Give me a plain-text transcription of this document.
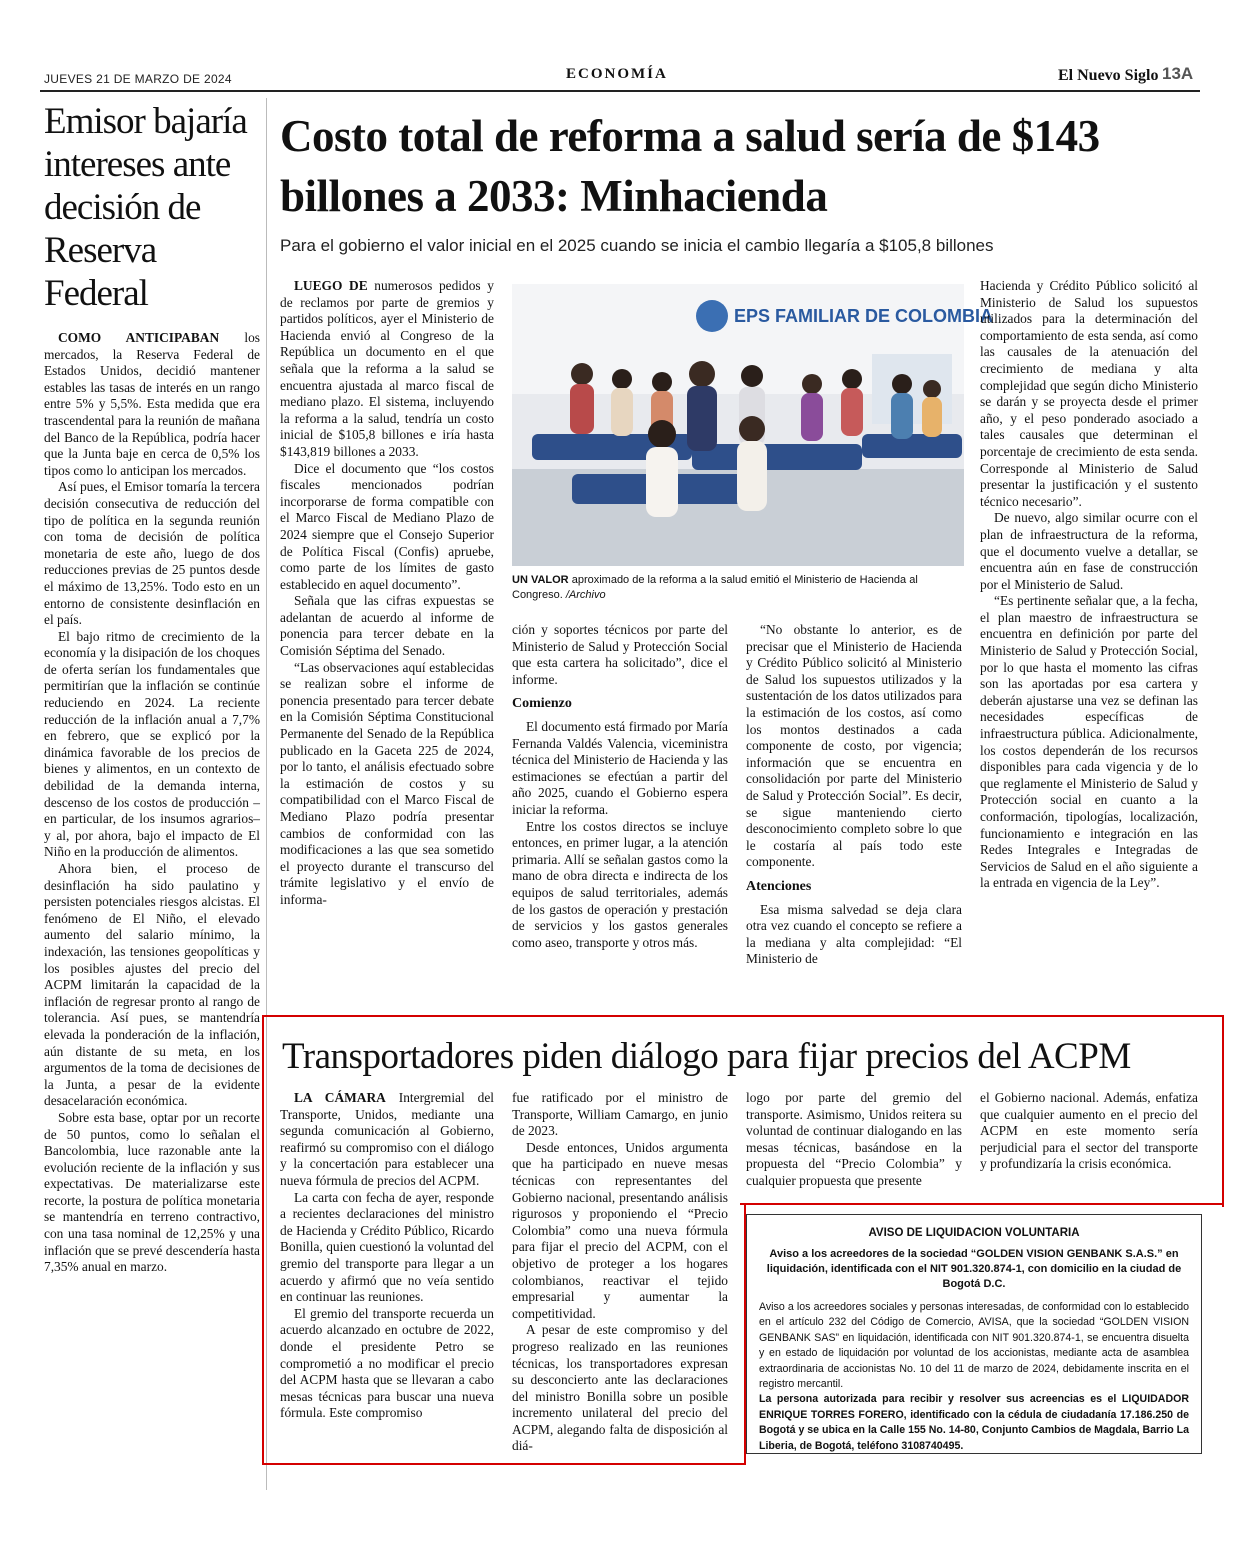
JUEVES 21 DE MARZO DE 2024	ECONOMÍA	El Nuevo Siglo 13A
Emisor bajaría intereses ante decisión de Reserva Federal

COMO ANTICIPABAN los mercados, la Reserva Federal de Estados Unidos, decidió mantener estables las tasas de interés en un rango entre 5% y 5,5%. Esta medida que era trascendental para la reunión de mañana del Banco de la República, podría hacer que la Junta baje en cerca de 0,5% los tipos como lo anticipan los mercados.

Así pues, el Emisor tomaría la tercera decisión consecutiva de reducción del tipo de política en la segunda reunión con toma de decisión de política monetaria de este año, luego de dos reducciones previas de 25 puntos desde el máximo de 13,25%. Todo esto en un entorno de consistente desinflación en el país.

El bajo ritmo de crecimiento de la economía y la disipación de los choques de oferta serían los fundamentales que permitirían que la inflación se continúe reduciendo en 2024. La reciente reducción de la inflación anual a 7,7% en febrero, que se explicó por la dinámica favorable de los precios de bienes y alimentos, en un contexto de debilidad de la demanda interna, descenso de los costos de producción –en particular, de los insumos agrarios– y al, por ahora, bajo el impacto de El Niño en la producción de alimentos.

Ahora bien, el proceso de desinflación ha sido paulatino y persisten potenciales riesgos alcistas. El fenómeno de El Niño, el elevado aumento del salario mínimo, la indexación, las tensiones geopolíticas y los posibles ajustes del precio del ACPM limitarán la capacidad de la inflación de regresar pronto al rango de tolerancia. Así pues, se mantendría elevada la ponderación de la inflación, aún distante de su meta, en los argumentos de la toma de decisiones de la Junta, a pesar de la evidente desacelaración económica.

Sobre esta base, optar por un recorte de 50 puntos, como lo señalan el Bancolombia, luce razonable ante la evolución reciente de la inflación y sus expectativas. De materializarse este recorte, la postura de política monetaria se mantendría en terreno contractivo, con una tasa nominal de 12,25% y una inflación que se prevé descendería hasta 7,35% anual en marzo.

Costo total de reforma a salud sería de $143 billones a 2033: Minhacienda
Para el gobierno el valor inicial en el 2025 cuando se inicia el cambio llegaría a $105,8 billones

LUEGO DE numerosos pedidos y de reclamos por parte de gremios y partidos políticos, ayer el Ministerio de Hacienda envió al Congreso de la República un documento en el que señala que la reforma a la salud se encuentra ajustada al marco fiscal de mediano plazo. El sistema, incluyendo la reforma a la salud, tendría un costo inicial de $105,8 billones e iría hasta $143,819 billones a 2033.

Dice el documento que “los costos fiscales mencionados podrían incorporarse de forma compatible con el Marco Fiscal de Mediano Plazo de 2024 siempre que el Consejo Superior de Política Fiscal (Confis) apruebe, como parte de los límites de gasto establecido en aquel documento”.

Señala que las cifras expuestas se adelantan de acuerdo al informe de ponencia para tercer debate en la Comisión Séptima del Senado.

“Las observaciones aquí establecidas se realizan sobre el informe de ponencia presentado para tercer debate en la Comisión Séptima Constitucional Permanente del Senado de la República publicado en la Gaceta 225 de 2024, por lo tanto, el análisis efectuado sobre la estimación de costos y su compatibilidad con el Marco Fiscal de Mediano Plazo podría presentar cambios de conformidad con las modificaciones a las que sea sometido el proyecto durante el transcurso del trámite legislativo y el envío de informa-

EPS FAMILIAR DE COLOMBIA
UN VALOR aproximado de la reforma a la salud emitió el Ministerio de Hacienda al Congreso. /Archivo

ción y soportes técnicos por parte del Ministerio de Salud y Protección Social que esta cartera ha solicitado”, dice el informe.

Comienzo

El documento está firmado por María Fernanda Valdés Valencia, viceministra técnica del Ministerio de Hacienda y las estimaciones se efectúan a partir del año 2025, cuando el Gobierno espera iniciar la reforma.

Entre los costos directos se incluye entonces, en primer lugar, a la atención primaria. Allí se señalan gastos como la mano de obra directa e indirecta de los equipos de salud territoriales, además de los gastos de operación y prestación de servicios y los gastos generales como aseo, transporte y otros más.

“No obstante lo anterior, es de precisar que el Ministerio de Hacienda y Crédito Público solicitó al Ministerio de Salud los supuestos utilizados y la sustentación de los datos utilizados para la estimación de los costos, así como los montos destinados a cada componente de costo, por vigencia; información que se encuentra en consolidación por parte del Ministerio de Salud y Protección Social”. Es decir, se sigue manteniendo cierto desconocimiento completo sobre lo que le costaría al país todo este componente.

Atenciones

Esa misma salvedad se deja clara otra vez cuando el concepto se refiere a la mediana y alta complejidad: “El Ministerio de

Hacienda y Crédito Público solicitó al Ministerio de Salud los supuestos utilizados para la determinación del comportamiento de esta senda, así como las causales de la atenuación del crecimiento de mediana y alta complejidad que según dicho Ministerio se darán y se proyecta desde el primer año, y el peso ponderado asociado a tales causales que determinan el porcentaje de crecimiento de esta senda. Corresponde al Ministerio de Salud presentar la justificación y el sustento técnico necesario”.

De nuevo, algo similar ocurre con el plan de infraestructura de la reforma, que el documento vuelve a detallar, se encuentra aún en fase de construcción por el Ministerio de Salud.

“Es pertinente señalar que, a la fecha, el plan maestro de infraestructura se encuentra en definición por parte del Ministerio de Salud y Protección Social, por lo que hasta el momento las cifras son las aportadas por esa cartera y deberán ajustarse una vez se definan las necesidades específicas de infraestructura pública. Adicionalmente, los costos dependerán de los recursos disponibles para cada vigencia y de lo que reglamente el Ministerio de Salud y Protección social en cuanto a la conformación, tipologías, localización, funcionamiento e integración en las Redes Integrales e Integradas de Servicios de Salud en el año siguiente a la entrada en vigencia de la Ley”.

Transportadores piden diálogo para fijar precios del ACPM

LA CÁMARA Intergremial del Transporte, Unidos, mediante una segunda comunicación al Gobierno, reafirmó su compromiso con el diálogo y la concertación para establecer una nueva fórmula de precios del ACPM.

La carta con fecha de ayer, responde a recientes declaraciones del ministro de Hacienda y Crédito Público, Ricardo Bonilla, quien cuestionó la voluntad del gremio del transporte para llegar a un acuerdo y afirmó que no veía sentido en continuar las reuniones.

El gremio del transporte recuerda un acuerdo alcanzado en octubre de 2022, donde el presidente Petro se comprometió a no modificar el precio del ACPM hasta que se llevaran a cabo mesas técnicas para buscar una nueva fórmula. Este compromiso

fue ratificado por el ministro de Transporte, William Camargo, en junio de 2023.

Desde entonces, Unidos argumenta que ha participado en nueve mesas técnicas con representantes del Gobierno nacional, presentando análisis rigurosos y proponiendo el “Precio Colombia” como una nueva fórmula para fijar el precio del ACPM, con el objetivo de proteger a los hogares colombianos, reactivar el tejido empresarial y aumentar la competitividad.

A pesar de este compromiso y del progreso realizado en las reuniones técnicas, los transportadores expresan su desconcierto ante las declaraciones del ministro Bonilla sobre un posible incremento unilateral del precio del ACPM, alegando falta de disposición al diá-

logo por parte del gremio del transporte. Asimismo, Unidos reitera su voluntad de continuar dialogando en las mesas técnicas, basándose en la propuesta del “Precio Colombia” y cualquier propuesta que presente

el Gobierno nacional. Además, enfatiza que cualquier aumento en el precio del ACPM en este momento sería perjudicial para el sector del transporte y profundizaría la crisis económica.

AVISO DE LIQUIDACION VOLUNTARIA
Aviso a los acreedores de la sociedad “GOLDEN VISION GENBANK S.A.S.” en liquidación, identificada con el NIT 901.320.874-1, con domicilio en la ciudad de Bogotá D.C.
Aviso a los acreedores sociales y personas interesadas, de conformidad con lo establecido en el artículo 232 del Código de Comercio, AVISA, que la sociedad “GOLDEN VISION GENBANK SAS” en liquidación, identificada con NIT 901.320.874-1, se encuentra disuelta y en estado de liquidación por voluntad de los accionistas, mediante acta de asamblea extraordinaria de accionistas No. 10 del 11 de marzo de 2024, debidamente inscrita en el registro mercantil.
La persona autorizada para recibir y resolver sus acreencias es el LIQUIDADOR ENRIQUE TORRES FORERO, identificado con la cédula de ciudadanía 17.186.250 de Bogotá y se ubica en la Calle 155 No. 14-80, Conjunto Cambios de Magdala, Barrio La Liberia, de Bogotá, teléfono 3108740495.
